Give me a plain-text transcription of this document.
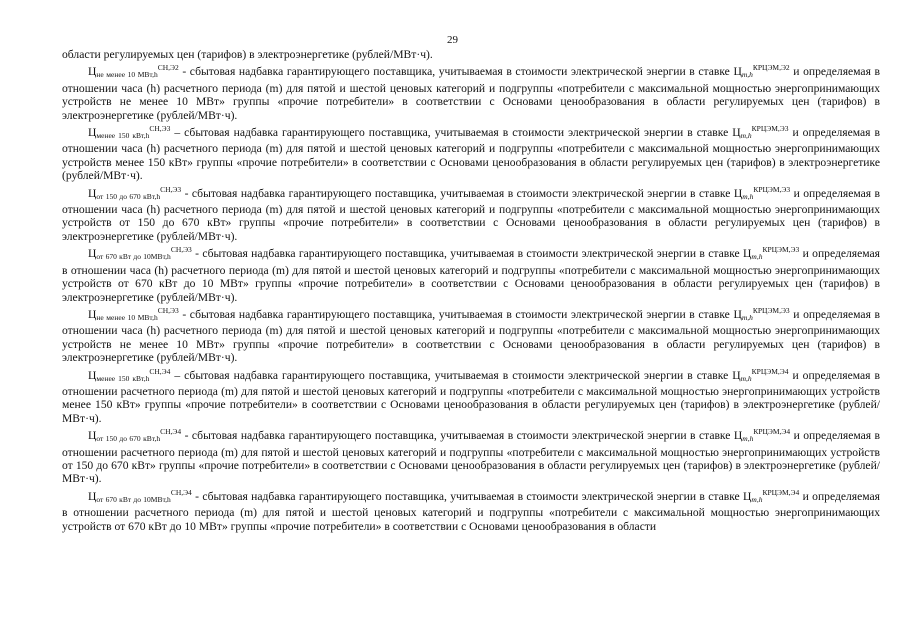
29
области регулируемых цен (тарифов) в электроэнергетике (рублей/МВт·ч).
$Ц_{не менее 10 МВт,h}^{СН,Э2}$ - сбытовая надбавка гарантирующего поставщика, учитываемая в стоимости электрической энергии в ставке $Ц_{m,h}^{КРЦЭМ,Э2}$ и определяемая в отношении часа (h) расчетного периода (m) для пятой и шестой ценовых категорий и подгруппы «потребители с максимальной мощностью энергопринимающих устройств не менее 10 МВт» группы «прочие потребители» в соответствии с Основами ценообразования в области регулируемых цен (тарифов) в электроэнергетике (рублей/МВт·ч).
$Ц_{менее 150 кВт,h}^{СН,Э3}$ – сбытовая надбавка гарантирующего поставщика, учитываемая в стоимости электрической энергии в ставке $Ц_{m,h}^{КРЦЭМ,Э3}$ и определяемая в отношении часа (h) расчетного периода (m) для пятой и шестой ценовых категорий и подгруппы «потребители с максимальной мощностью энергопринимающих устройств менее 150 кВт» группы «прочие потребители» в соответствии с Основами ценообразования в области регулируемых цен (тарифов) в электроэнергетике (рублей/МВт·ч).
$Ц_{от 150 до 670 кВт,h}^{СН,Э3}$ - сбытовая надбавка гарантирующего поставщика, учитываемая в стоимости электрической энергии в ставке $Ц_{m,h}^{КРЦЭМ,Э3}$ и определяемая в отношении часа (h) расчетного периода (m) для пятой и шестой ценовых категорий и подгруппы «потребители с максимальной мощностью энергопринимающих устройств от 150 до 670 кВт» группы «прочие потребители» в соответствии с Основами ценообразования в области регулируемых цен (тарифов) в электроэнергетике (рублей/МВт·ч).
$Ц_{от 670 кВт до 10МВт,h}^{СН,Э3}$ - сбытовая надбавка гарантирующего поставщика, учитываемая в стоимости электрической энергии в ставке $Ц_{m,h}^{КРЦЭМ,Э3}$ и определяемая в отношении часа (h) расчетного периода (m) для пятой и шестой ценовых категорий и подгруппы «потребители с максимальной мощностью энергопринимающих устройств от 670 кВт до 10 МВт» группы «прочие потребители» в соответствии с Основами ценообразования в области регулируемых цен (тарифов) в электроэнергетике (рублей/МВт·ч).
$Ц_{не менее 10 МВт,h}^{СН,Э3}$ - сбытовая надбавка гарантирующего поставщика, учитываемая в стоимости электрической энергии в ставке $Ц_{m,h}^{КРЦЭМ,Э3}$ и определяемая в отношении часа (h) расчетного периода (m) для пятой и шестой ценовых категорий и подгруппы «потребители с максимальной мощностью энергопринимающих устройств не менее 10 МВт» группы «прочие потребители» в соответствии с Основами ценообразования в области регулируемых цен (тарифов) в электроэнергетике (рублей/МВт·ч).
$Ц_{менее 150 кВт,h}^{СН,Э4}$ – сбытовая надбавка гарантирующего поставщика, учитываемая в стоимости электрической энергии в ставке $Ц_{m,h}^{КРЦЭМ,Э4}$ и определяемая в отношении расчетного периода (m) для пятой и шестой ценовых категорий и подгруппы «потребители с максимальной мощностью энергопринимающих устройств менее 150 кВт» группы «прочие потребители» в соответствии с Основами ценообразования в области регулируемых цен (тарифов) в электроэнергетике (рублей/МВт·ч).
$Ц_{от 150 до 670 кВт,h}^{СН,Э4}$ - сбытовая надбавка гарантирующего поставщика, учитываемая в стоимости электрической энергии в ставке $Ц_{m,h}^{КРЦЭМ,Э4}$ и определяемая в отношении расчетного периода (m) для пятой и шестой ценовых категорий и подгруппы «потребители с максимальной мощностью энергопринимающих устройств от 150 до 670 кВт» группы «прочие потребители» в соответствии с Основами ценообразования в области регулируемых цен (тарифов) в электроэнергетике (рублей/МВт·ч).
$Ц_{от 670 кВт до 10МВт,h}^{СН,Э4}$ - сбытовая надбавка гарантирующего поставщика, учитываемая в стоимости электрической энергии в ставке $Ц_{m,h}^{КРЦЭМ,Э4}$ и определяемая в отношении расчетного периода (m) для пятой и шестой ценовых категорий и подгруппы «потребители с максимальной мощностью энергопринимающих устройств от 670 кВт до 10 МВт» группы «прочие потребители» в соответствии с Основами ценообразования в области
